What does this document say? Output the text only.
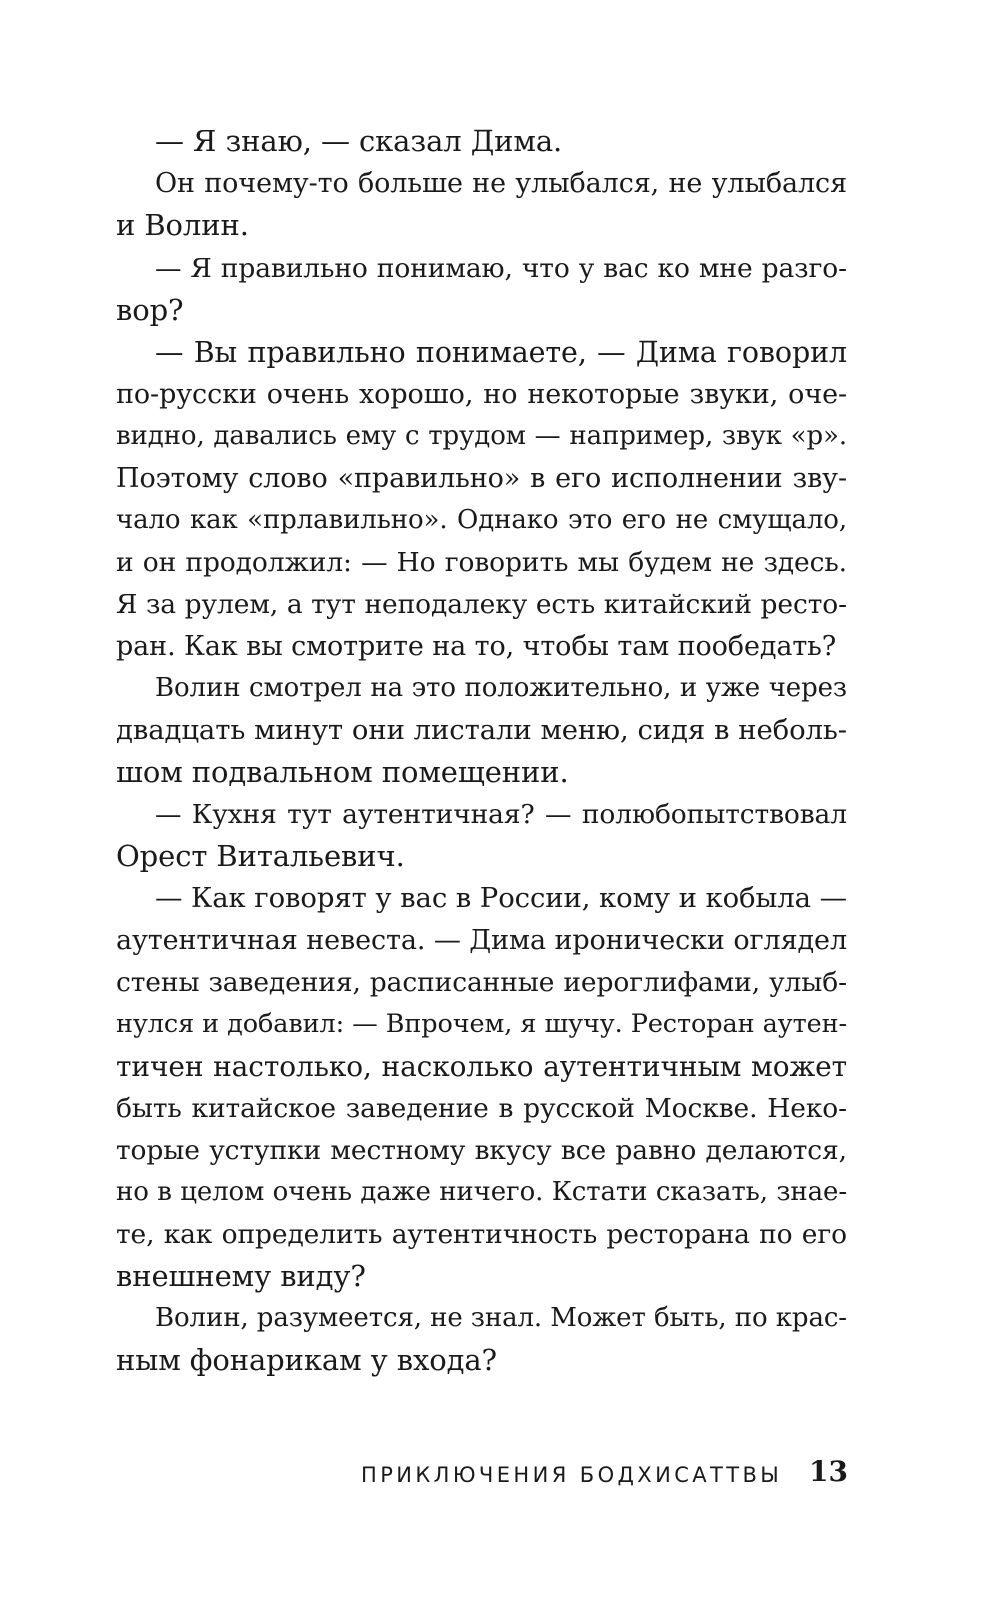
— Я знаю, — сказал Дима.
Он почему-то больше не улыбался, не улыбался
и Волин.
— Я правильно понимаю, что у вас ко мне разго-
вор?
— Вы правильно понимаете, — Дима говорил
по-русски очень хорошо, но некоторые звуки, оче-
видно, давались ему с трудом — например, звук «р».
Поэтому слово «правильно» в его исполнении зву-
чало как «прлавильно». Однако это его не смущало,
и он продолжил: — Но говорить мы будем не здесь.
Я за рулем, а тут неподалеку есть китайский ресто-
ран. Как вы смотрите на то, чтобы там пообедать?
Волин смотрел на это положительно, и уже через
двадцать минут они листали меню, сидя в неболь-
шом подвальном помещении.
— Кухня тут аутентичная? — полюбопытствовал
Орест Витальевич.
— Как говорят у вас в России, кому и кобыла —
аутентичная невеста. — Дима иронически оглядел
стены заведения, расписанные иероглифами, улыб-
нулся и добавил: — Впрочем, я шучу. Ресторан аутен-
тичен настолько, насколько аутентичным может
быть китайское заведение в русской Москве. Неко-
торые уступки местному вкусу все равно делаются,
но в целом очень даже ничего. Кстати сказать, знае-
те, как определить аутентичность ресторана по его
внешнему виду?
Волин, разумеется, не знал. Может быть, по крас-
ным фонарикам у входа?
ПРИКЛЮЧЕНИЯ БОДХИСАТТВЫ 13
